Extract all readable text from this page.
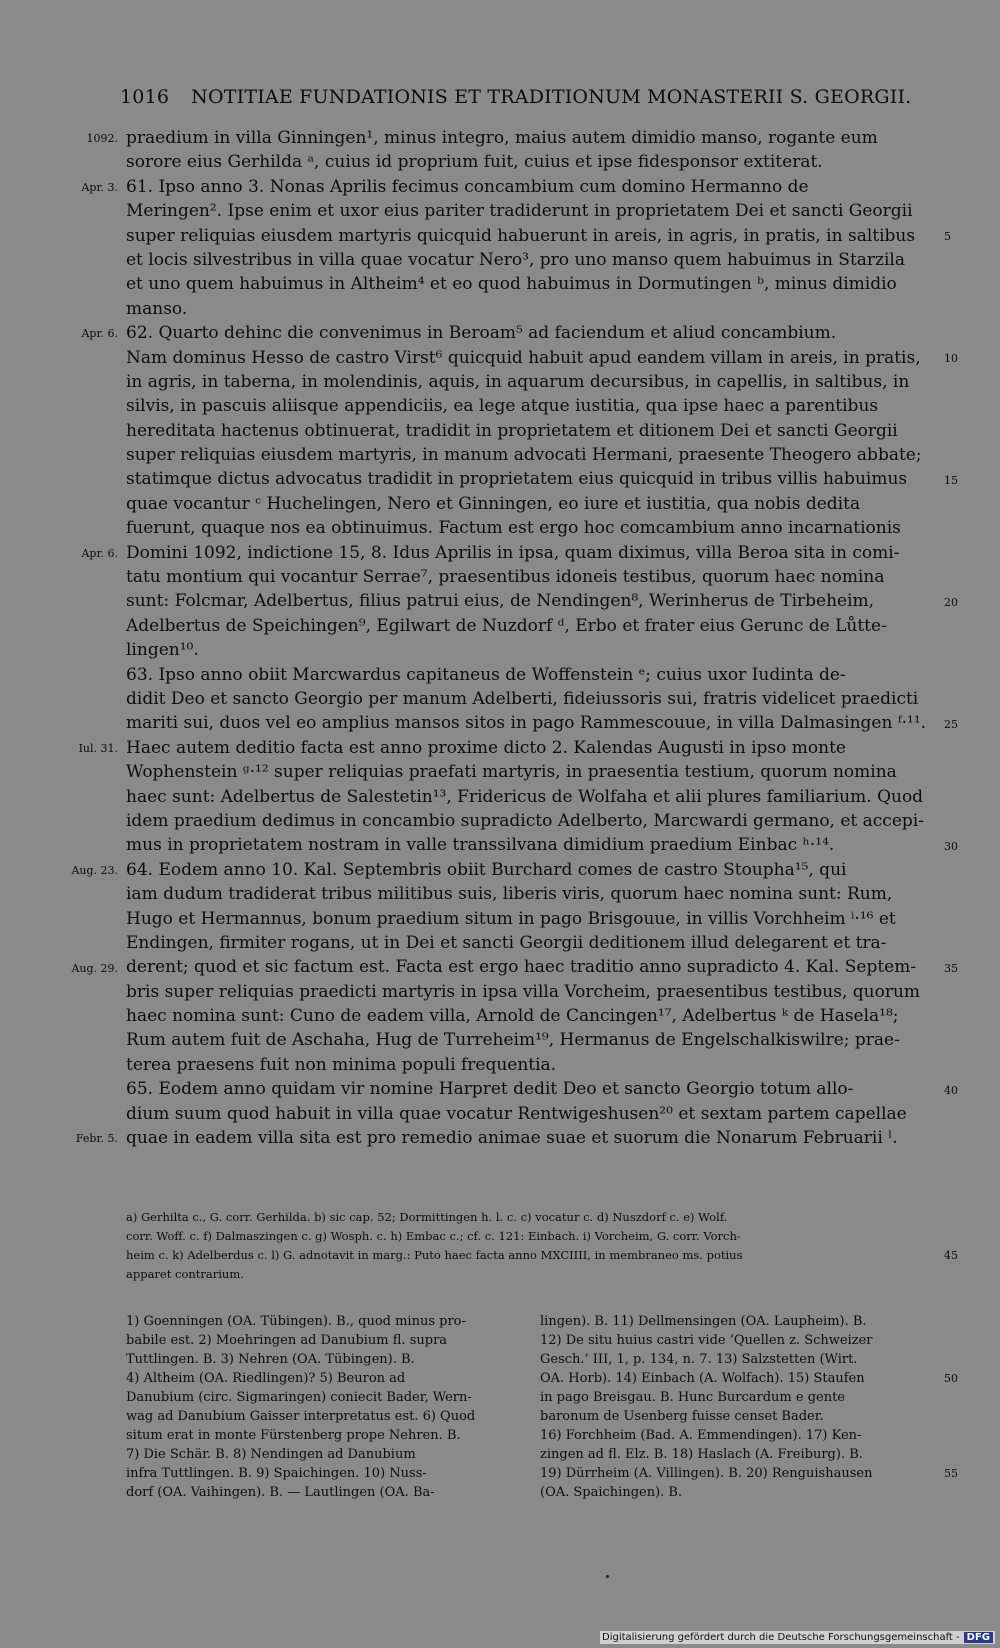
1016 NOTITIAE FUNDATIONIS ET TRADITIONUM MONASTERII S. GEORGII.
praedium in villa Ginningen¹, minus integro, maius autem dimidio manso, rogante eum
sorore eius Gerhilda ᵃ, cuius id proprium fuit, cuius et ipse fidesponsor extiterat.
61. Ipso anno 3. Nonas Aprilis fecimus concambium cum domino Hermanno de
Meringen². Ipse enim et uxor eius pariter tradiderunt in proprietatem Dei et sancti Georgii
super reliquias eiusdem martyris quicquid habuerunt in areis, in agris, in pratis, in saltibus
et locis silvestribus in villa quae vocatur Nero³, pro uno manso quem habuimus in Starzila
et uno quem habuimus in Altheim⁴ et eo quod habuimus in Dormutingen ᵇ, minus dimidio
manso.
62. Quarto dehinc die convenimus in Beroam⁵ ad faciendum et aliud concambium.
Nam dominus Hesso de castro Virst⁶ quicquid habuit apud eandem villam in areis, in pratis,
in agris, in taberna, in molendinis, aquis, in aquarum decursibus, in capellis, in saltibus, in
silvis, in pascuis aliisque appendiciis, ea lege atque iustitia, qua ipse haec a parentibus
hereditata hactenus obtinuerat, tradidit in proprietatem et ditionem Dei et sancti Georgii
super reliquias eiusdem martyris, in manum advocati Hermani, praesente Theogero abbate;
statimque dictus advocatus tradidit in proprietatem eius quicquid in tribus villis habuimus
quae vocantur ᶜ Huchelingen, Nero et Ginningen, eo iure et iustitia, qua nobis dedita
fuerunt, quaque nos ea obtinuimus. Factum est ergo hoc comcambium anno incarnationis
Domini 1092, indictione 15, 8. Idus Aprilis in ipsa, quam diximus, villa Beroa sita in comi-
tatu montium qui vocantur Serrae⁷, praesentibus idoneis testibus, quorum haec nomina
sunt: Folcmar, Adelbertus, filius patrui eius, de Nendingen⁸, Werinherus de Tirbeheim,
Adelbertus de Speichingen⁹, Egilwart de Nuzdorf ᵈ, Erbo et frater eius Gerunc de Lůtte-
lingen¹⁰.
63. Ipso anno obiit Marcwardus capitaneus de Woffenstein ᵉ; cuius uxor Iudinta de-
didit Deo et sancto Georgio per manum Adelberti, fideiussoris sui, fratris videlicet praedicti
mariti sui, duos vel eo amplius mansos sitos in pago Rammescouue, in villa Dalmasingen ᶠ·¹¹.
Haec autem deditio facta est anno proxime dicto 2. Kalendas Augusti in ipso monte
Wophenstein ᵍ·¹² super reliquias praefati martyris, in praesentia testium, quorum nomina
haec sunt: Adelbertus de Salestetin¹³, Fridericus de Wolfaha et alii plures familiarium. Quod
idem praedium dedimus in concambio supradicto Adelberto, Marcwardi germano, et accepi-
mus in proprietatem nostram in valle transsilvana dimidium praedium Einbac ʰ·¹⁴.
64. Eodem anno 10. Kal. Septembris obiit Burchard comes de castro Stoupha¹⁵, qui
iam dudum tradiderat tribus militibus suis, liberis viris, quorum haec nomina sunt: Rum,
Hugo et Hermannus, bonum praedium situm in pago Brisgouue, in villis Vorchheim ⁱ·¹⁶ et
Endingen, firmiter rogans, ut in Dei et sancti Georgii deditionem illud delegarent et tra-
derent; quod et sic factum est. Facta est ergo haec traditio anno supradicto 4. Kal. Septem-
bris super reliquias praedicti martyris in ipsa villa Vorcheim, praesentibus testibus, quorum
haec nomina sunt: Cuno de eadem villa, Arnold de Cancingen¹⁷, Adelbertus ᵏ de Hasela¹⁸;
Rum autem fuit de Aschaha, Hug de Turreheim¹⁹, Hermanus de Engelschalkiswilre; prae-
terea praesens fuit non minima populi frequentia.
65. Eodem anno quidam vir nomine Harpret dedit Deo et sancto Georgio totum allo-
dium suum quod habuit in villa quae vocatur Rentwigeshusen²⁰ et sextam partem capellae
quae in eadem villa sita est pro remedio animae suae et suorum die Nonarum Februarii ˡ.
1092.
Apr. 3.
Apr. 6.
Apr. 6.
Iul. 31.
Aug. 23.
Aug. 29.
Febr. 5.
5
10
15
20
25
30
35
40
45
50
55
a) Gerhilta c., G. corr. Gerhilda. b) sic cap. 52; Dormittingen h. l. c. c) vocatur c. d) Nuszdorf c. e) Wolf.
corr. Woff. c. f) Dalmaszingen c. g) Wosph. c. h) Embac c.; cf. c. 121: Einbach. i) Vorcheim, G. corr. Vorch-
heim c. k) Adelberdus c. l) G. adnotavit in marg.: Puto haec facta anno MXCIIII, in membraneo ms. potius
apparet contrarium.
1) Goenningen (OA. Tübingen). B., quod minus pro-
babile est. 2) Moehringen ad Danubium fl. supra
Tuttlingen. B. 3) Nehren (OA. Tübingen). B.
4) Altheim (OA. Riedlingen)? 5) Beuron ad
Danubium (circ. Sigmaringen) coniecit Bader, Wern-
wag ad Danubium Gaisser interpretatus est. 6) Quod
situm erat in monte Fürstenberg prope Nehren. B.
7) Die Schär. B. 8) Nendingen ad Danubium
infra Tuttlingen. B. 9) Spaichingen. 10) Nuss-
dorf (OA. Vaihingen). B. — Lautlingen (OA. Ba-
lingen). B. 11) Dellmensingen (OA. Laupheim). B.
12) De situ huius castri vide ‘Quellen z. Schweizer
Gesch.’ III, 1, p. 134, n. 7. 13) Salzstetten (Wirt.
OA. Horb). 14) Einbach (A. Wolfach). 15) Staufen
in pago Breisgau. B. Hunc Burcardum e gente
baronum de Usenberg fuisse censet Bader.
16) Forchheim (Bad. A. Emmendingen). 17) Ken-
zingen ad fl. Elz. B. 18) Haslach (A. Freiburg). B.
19) Dürrheim (A. Villingen). B. 20) Renguishausen
(OA. Spaichingen). B.
Digitalisierung gefördert durch die Deutsche Forschungsgemeinschaft - DFG
